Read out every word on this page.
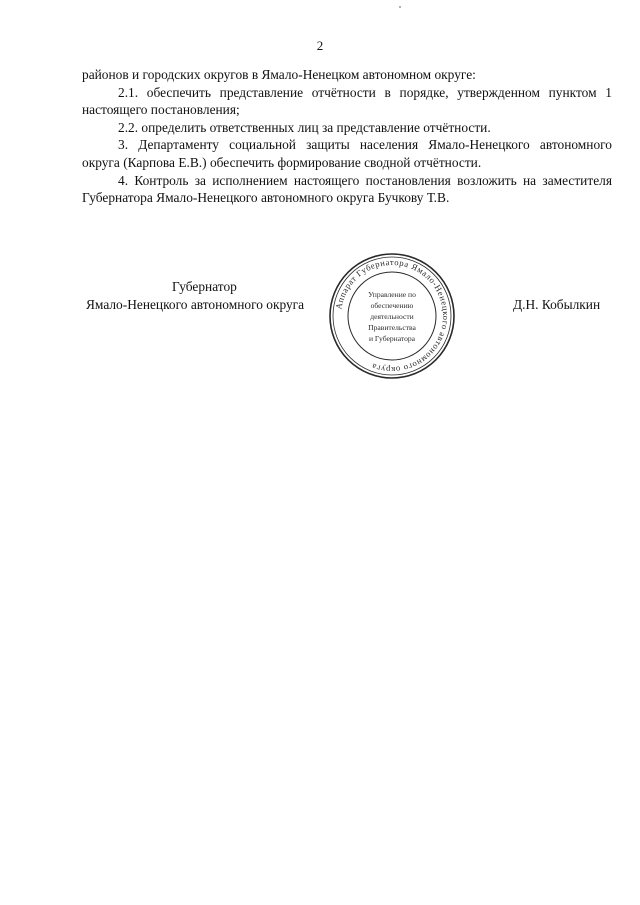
2

районов и городских округов в Ямало-Ненецком автономном округе:

2.1. обеспечить представление отчётности в порядке, утвержденном пунктом 1 настоящего постановления;

2.2. определить ответственных лиц за представление отчётности.

3. Департаменту социальной защиты населения Ямало-Ненецкого автономного округа (Карпова Е.В.) обеспечить формирование сводной отчётности.

4. Контроль за исполнением настоящего постановления возложить на заместителя Губернатора Ямало-Ненецкого автономного округа Бучкову Т.В.

Губернатор
Ямало-Ненецкого автономного округа	Д.Н. Кобылкин
Аппарат Губернатора Ямало-Ненецкого автономного округа
Управление по
обеспечению
деятельности
Правительства
и Губернатора
